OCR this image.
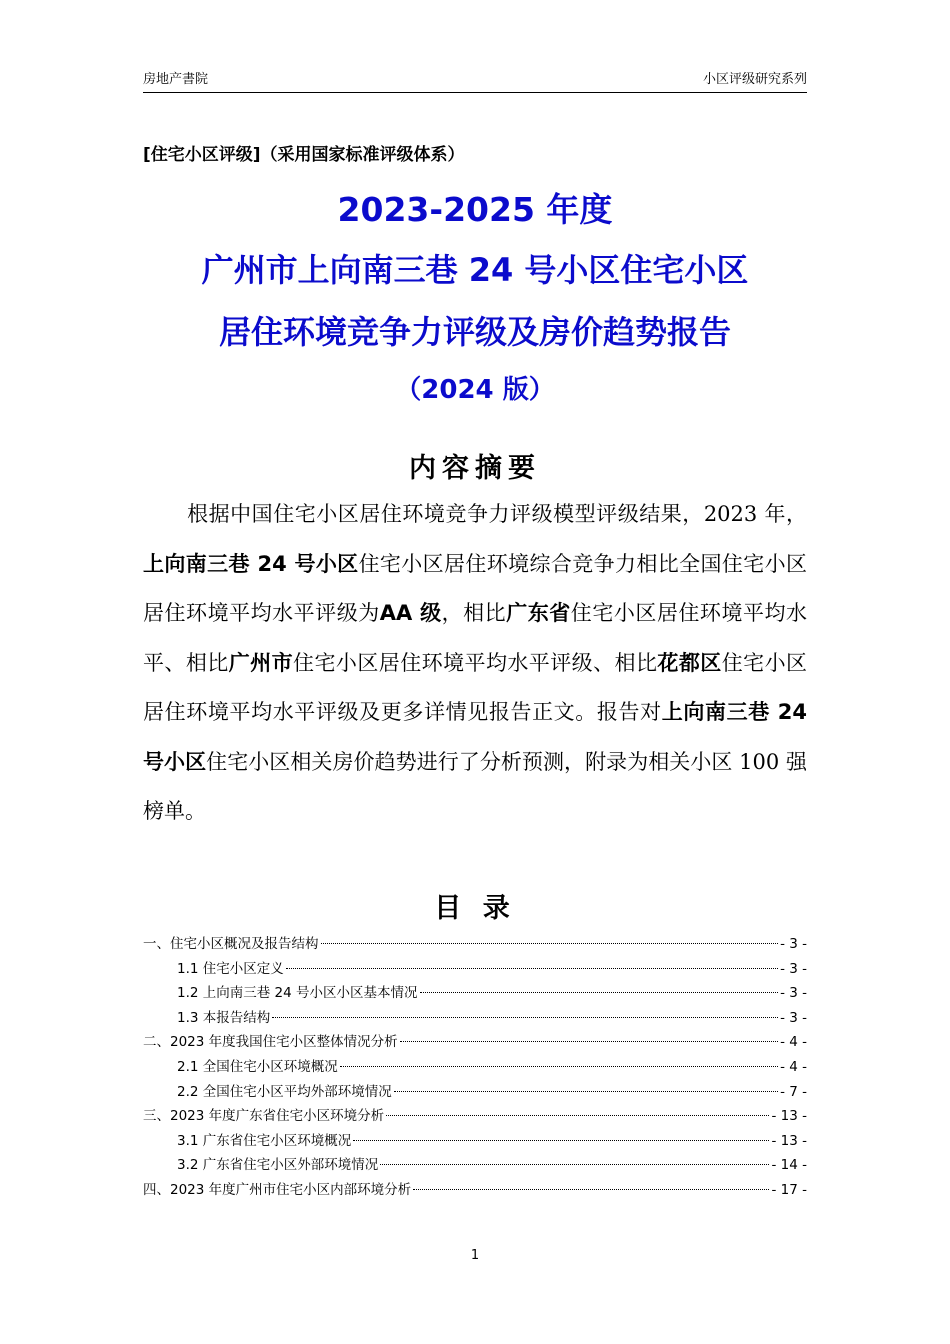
房地产書院	小区评级研究系列
[住宅小区评级]（采用国家标准评级体系）
2023-2025 年度
广州市上向南三巷 24 号小区住宅小区
居住环境竞争力评级及房价趋势报告
（2024 版）
内容摘要

根据中国住宅小区居住环境竞争力评级模型评级结果，2023 年，上向南三巷 24 号小区住宅小区居住环境综合竞争力相比全国住宅小区居住环境平均水平评级为AA 级，相比广东省住宅小区居住环境平均水平、相比广州市住宅小区居住环境平均水平评级、相比花都区住宅小区居住环境平均水平评级及更多详情见报告正文。报告对上向南三巷 24 号小区住宅小区相关房价趋势进行了分析预测，附录为相关小区 100 强榜单。

目 录
一、住宅小区概况及报告结构	- 3 -
1.1 住宅小区定义	- 3 -
1.2 上向南三巷 24 号小区小区基本情况	- 3 -
1.3 本报告结构	- 3 -
二、2023 年度我国住宅小区整体情况分析	- 4 -
2.1 全国住宅小区环境概况	- 4 -
2.2 全国住宅小区平均外部环境情况	- 7 -
三、2023 年度广东省住宅小区环境分析	- 13 -
3.1 广东省住宅小区环境概况	- 13 -
3.2 广东省住宅小区外部环境情况	- 14 -
四、2023 年度广州市住宅小区内部环境分析	- 17 -
1
